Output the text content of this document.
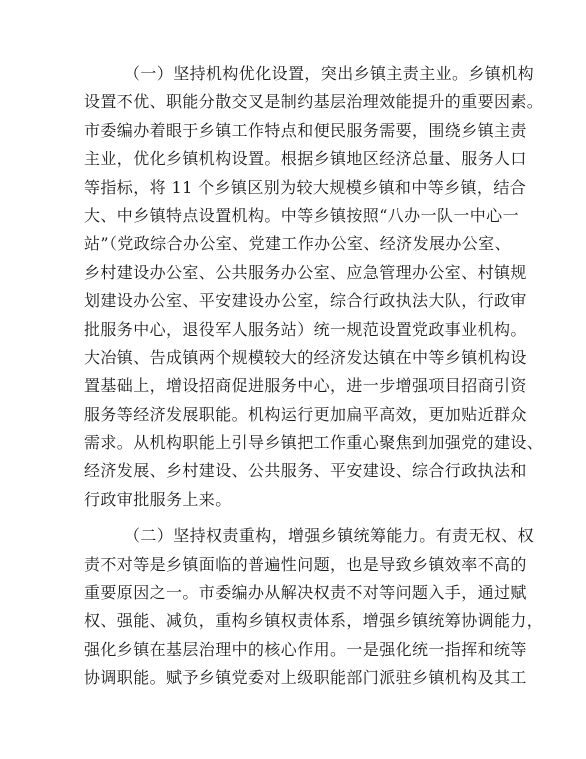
（一）坚持机构优化设置，突出乡镇主责主业。乡镇机构
设置不优、职能分散交叉是制约基层治理效能提升的重要因素。
市委编办着眼于乡镇工作特点和便民服务需要，围绕乡镇主责
主业，优化乡镇机构设置。根据乡镇地区经济总量、服务人口
等指标，将 11 个乡镇区别为较大规模乡镇和中等乡镇，结合
大、中乡镇特点设置机构。中等乡镇按照“八办一队一中心一
站”（党政综合办公室、党建工作办公室、经济发展办公室、
乡村建设办公室、公共服务办公室、应急管理办公室、村镇规
划建设办公室、平安建设办公室，综合行政执法大队，行政审
批服务中心，退役军人服务站）统一规范设置党政事业机构。
大冶镇、告成镇两个规模较大的经济发达镇在中等乡镇机构设
置基础上，增设招商促进服务中心，进一步增强项目招商引资
服务等经济发展职能。机构运行更加扁平高效，更加贴近群众
需求。从机构职能上引导乡镇把工作重心聚焦到加强党的建设、
经济发展、乡村建设、公共服务、平安建设、综合行政执法和
行政审批服务上来。
（二）坚持权责重构，增强乡镇统筹能力。有责无权、权
责不对等是乡镇面临的普遍性问题，也是导致乡镇效率不高的
重要原因之一。市委编办从解决权责不对等问题入手，通过赋
权、强能、减负，重构乡镇权责体系，增强乡镇统筹协调能力，
强化乡镇在基层治理中的核心作用。一是强化统一指挥和统等
协调职能。赋予乡镇党委对上级职能部门派驻乡镇机构及其工
